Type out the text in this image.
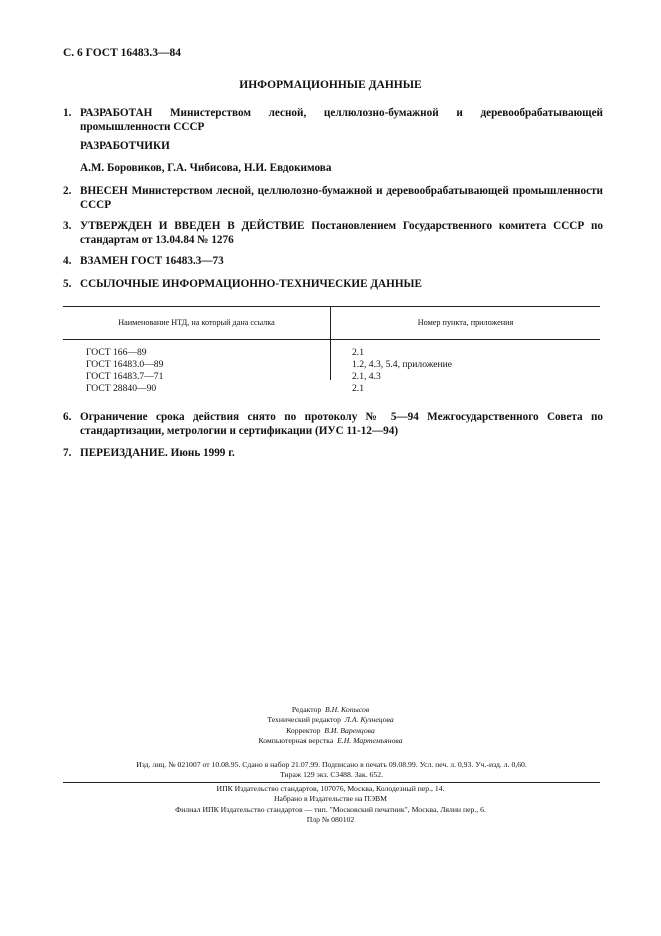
С. 6 ГОСТ 16483.3—84
ИНФОРМАЦИОННЫЕ ДАННЫЕ
1. РАЗРАБОТАН Министерством лесной, целлюлозно-бумажной и деревообрабатывающей промышленности СССР
РАЗРАБОТЧИКИ
А.М. Боровиков, Г.А. Чибисова, Н.И. Евдокимова
2. ВНЕСЕН Министерством лесной, целлюлозно-бумажной и деревообрабатывающей промышленности СССР
3. УТВЕРЖДЕН И ВВЕДЕН В ДЕЙСТВИЕ Постановлением Государственного комитета СССР по стандартам от 13.04.84 № 1276
4. ВЗАМЕН ГОСТ 16483.3—73
5. ССЫЛОЧНЫЕ ИНФОРМАЦИОННО-ТЕХНИЧЕСКИЕ ДАННЫЕ
Наименование НТД, на который дана ссылка	Номер пункта, приложения
ГОСТ 166—89
ГОСТ 16483.0—89
ГОСТ 16483.7—71
ГОСТ 28840—90
2.1
1.2, 4.3, 5.4, приложение
2.1, 4.3
2.1
6. Ограничение срока действия снято по протоколу № 5—94 Межгосударственного Совета по стандартизации, метрологии и сертификации (ИУС 11-12—94)
7. ПЕРЕИЗДАНИЕ. Июнь 1999 г.
Редактор В.Н. Копысов
Технический редактор Л.А. Кузнецова
Корректор В.И. Варенцова
Компьютерная верстка Е.Н. Мартемьянова
Изд. лиц. № 021007 от 10.08.95. Сдано в набор 21.07.99. Подписано в печать 09.08.99. Усл. печ. л. 0,93. Уч.-изд. л. 0,60.
Тираж 129 экз. С3488. Зак. 652.
ИПК Издательство стандартов, 107076, Москва, Колодезный пер., 14.
Набрано в Издательстве на ПЭВМ
Филиал ИПК Издательство стандартов — тип. "Московский печатник", Москва, Лялин пер., 6.
Плр № 080102
